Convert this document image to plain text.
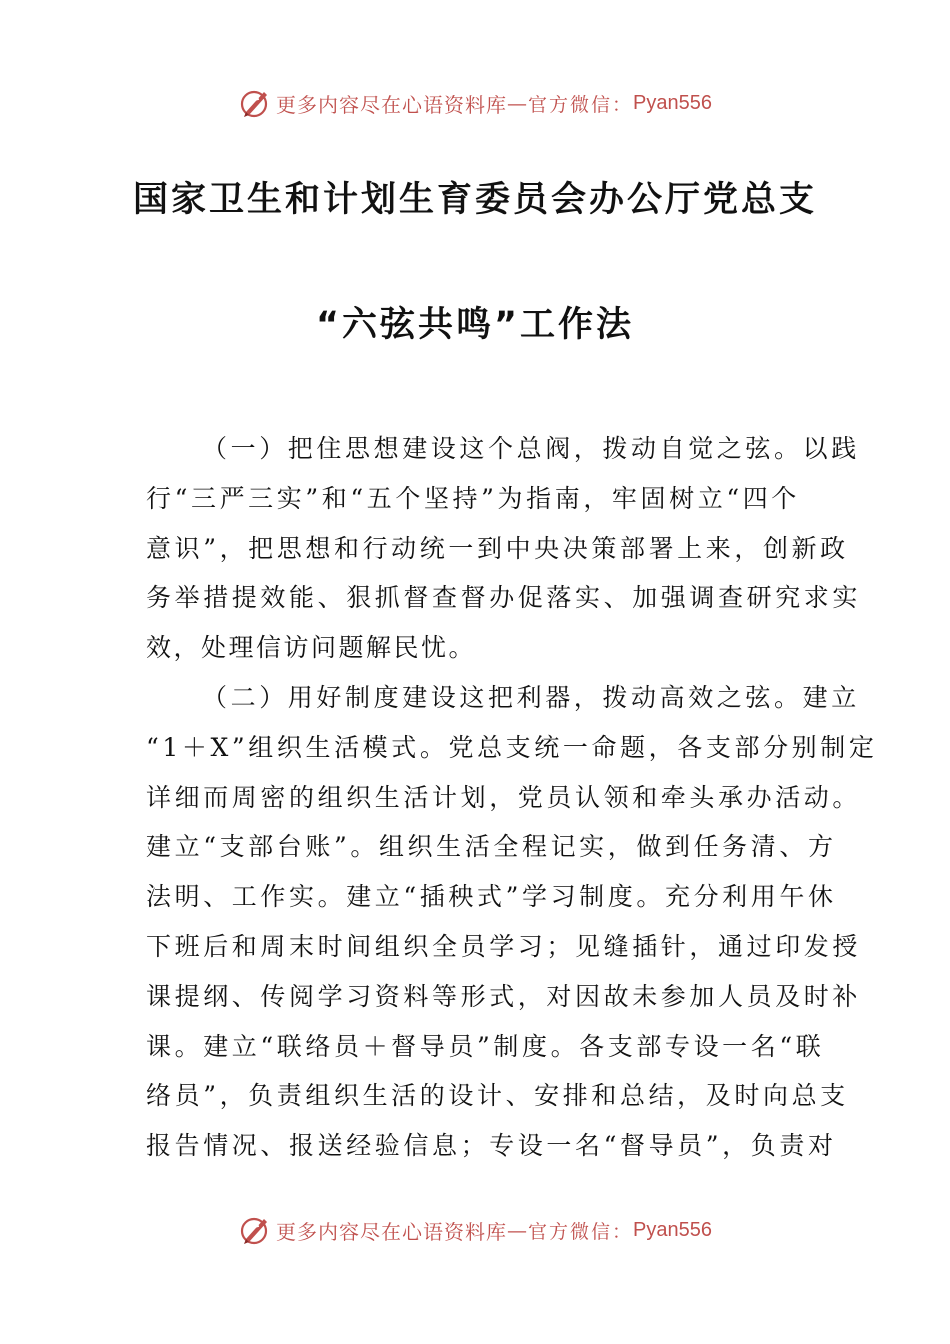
更多内容尽在心语资料库 — 官方微信： Pyan556
国家卫生和计划生育委员会办公厅党总支
“六弦共鸣”工作法
（一）把住思想建设这个总阀，拨动自觉之弦。以践
行“三严三实”和“五个坚持”为指南，牢固树立“四个
意识”，把思想和行动统一到中央决策部署上来，创新政
务举措提效能、狠抓督查督办促落实、加强调查研究求实
效，处理信访问题解民忧。
（二）用好制度建设这把利器，拨动高效之弦。建立
“1＋X”组织生活模式。党总支统一命题，各支部分别制定
详细而周密的组织生活计划，党员认领和牵头承办活动。
建立“支部台账”。组织生活全程记实，做到任务清、方
法明、工作实。建立“插秧式”学习制度。充分利用午休
下班后和周末时间组织全员学习；见缝插针，通过印发授
课提纲、传阅学习资料等形式，对因故未参加人员及时补
课。建立“联络员＋督导员”制度。各支部专设一名“联
络员”，负责组织生活的设计、安排和总结，及时向总支
报告情况、报送经验信息；专设一名“督导员”，负责对
更多内容尽在心语资料库 — 官方微信： Pyan556
